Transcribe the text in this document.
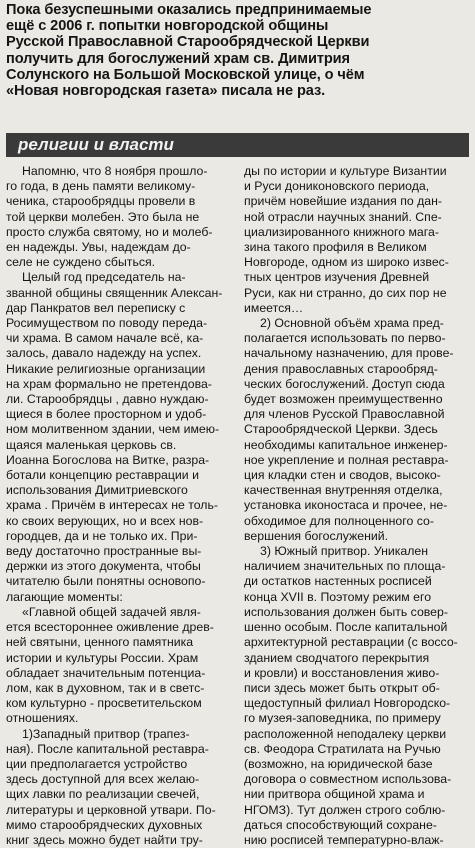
Пока безуспешными оказались предпринимаемые
ещё с 2006 г. попытки новгородской общины
Русской Православной Старообрядческой Церкви
получить для богослужений храм св. Димитрия
Солунского на Большой Московской улице, о чём
«Новая новгородская газета» писала не раз.
религии и власти
Напомню, что 8 ноября прошло-
го года, в день памяти великому-
ченика, старообрядцы провели в
той церкви молебен. Это была не
просто служба святому, но и молеб-
ен надежды. Увы, надеждам до-
селе не суждено сбыться.
Целый год председатель на-
званной общины священник Алексан-
дар Панкратов вел переписку с
Росимуществом по поводу переда-
чи храма. В самом начале всё, ка-
залось, давало надежду на успех.
Никакие религиозные организации
на храм формально не претендова-
ли. Старообрядцы , давно нуждаю-
щиеся в более просторном и удоб-
ном молитвенном здании, чем имею-
щаяся маленькая церковь св.
Иоанна Богослова на Витке, разра-
ботали концепцию реставрации и
использования Димитриевского
храма . Причём в интересах не толь-
ко своих верующих, но и всех нов-
городцев, да и не только их. При-
веду достаточно пространные вы-
держки из этого документа, чтобы
читателю были понятны основопо-
лагающие моменты:
«Главной общей задачей явля-
ется всестороннее оживление древ-
ней святыни, ценного памятника
истории и культуры России. Храм
обладает значительным потенциа-
лом, как в духовном, так и в светс-
ком культурно - просветительском
отношениях.
1)Западный притвор (трапез-
ная). После капитальной реставра-
ции предполагается устройство
здесь доступной для всех желаю-
щих лавки по реализации свечей,
литературы и церковной утвари. По-
мимо старообрядческих духовных
книг здесь можно будет найти тру-
ды по истории и культуре Византии
и Руси дониконовского периода,
причём новейшие издания по дан-
ной отрасли научных знаний. Спе-
циализированного книжного мага-
зина такого профиля в Великом
Новгороде, одном из широко извес-
тных центров изучения Древней
Руси, как ни странно, до сих пор не
имеется…
2) Основной объём храма пред-
полагается использовать по перво-
начальному назначению, для прове-
дения православных старообряд-
ческих богослужений. Доступ сюда
будет возможен преимущественно
для членов Русской Православной
Старообрядческой Церкви. Здесь
необходимы капитальное инженер-
ное укрепление и полная реставра-
ция кладки стен и сводов, высоко-
качественная внутренняя отделка,
установка иконостаса и прочее, не-
обходимое для полноценного со-
вершения богослужений.
3) Южный притвор. Уникален
наличием значительных по площа-
ди остатков настенных росписей
конца XVII в. Поэтому режим его
использования должен быть совер-
шенно особым. После капитальной
архитектурной реставрации (с воссо-
зданием сводчатого перекрытия
и кровли) и восстановления живо-
писи здесь может быть открыт об-
щедоступный филиал Новгородско-
го музея-заповедника, по примеру
расположенной неподалеку церкви
св. Феодора Стратилата на Ручью
(возможно, на юридической базе
договора о совместном использова-
нии притвора общиной храма и
НГОМЗ). Тут должен строго соблю-
даться способствующий сохране-
нию росписей температурно-влаж-
